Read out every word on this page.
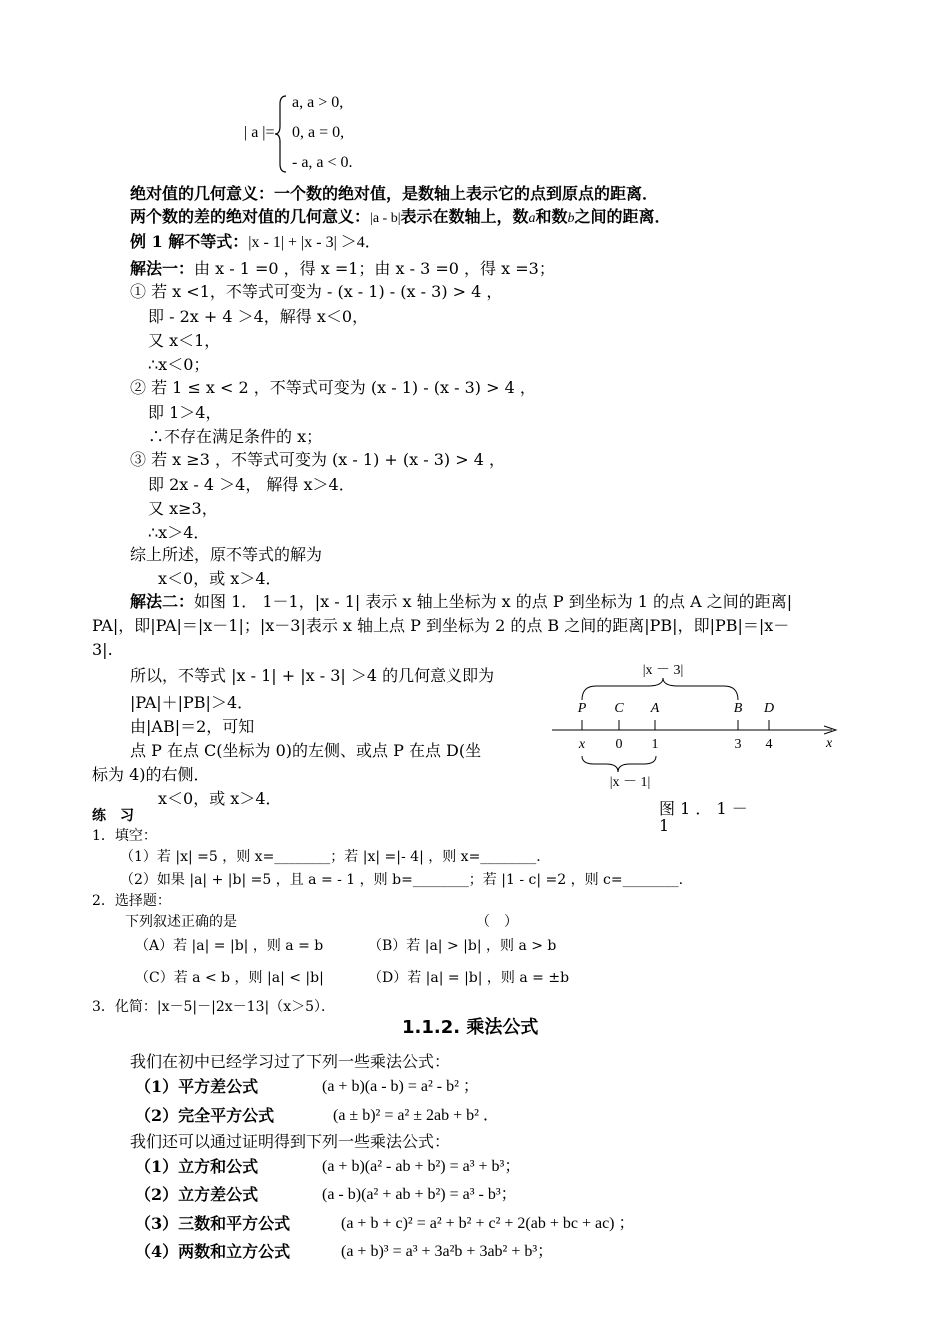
| a |=
a, a > 0,
0, a = 0,
- a, a < 0.
绝对值的几何意义：一个数的绝对值，是数轴上表示它的点到原点的距离．
两个数的差的绝对值的几何意义：|a - b|表示在数轴上，数a和数b之间的距离．
例 1 解不等式：|x - 1| + |x - 3| ＞4．
解法一：由 x - 1 =0 ，得 x =1；由 x - 3 =0 ，得 x =3；
① 若 x <1，不等式可变为 - (x - 1) - (x - 3) > 4 ，
即 - 2x + 4 ＞4，解得 x＜0，
又 x＜1，
∴x＜0；
② 若 1 ≤ x < 2 ，不等式可变为 (x - 1) - (x - 3) > 4 ，
即 1＞4，
∴不存在满足条件的 x；
③ 若 x ≥3 ，不等式可变为 (x - 1) + (x - 3) > 4 ，
即 2x - 4 ＞4， 解得 x＞4．
又 x≥3，
∴x＞4．
综上所述，原不等式的解为
x＜0，或 x＞4．
解法二：如图 1． 1－1，|x - 1| 表示 x 轴上坐标为 x 的点 P 到坐标为 1 的点 A 之间的距离|
PA|，即|PA|＝|x－1|；|x－3|表示 x 轴上点 P 到坐标为 2 的点 B 之间的距离|PB|，即|PB|＝|x－
3|.
所以，不等式 |x - 1| + |x - 3| ＞4 的几何意义即为
|PA|＋|PB|＞4．
由|AB|＝2，可知
点 P 在点 C(坐标为 0)的左侧、或点 P 在点 D(坐
标为 4)的右侧．
x＜0，或 x＞4．
|x － 3|
P C A	B D
x 0 1	3 4	x
|x － 1|
图 1 ． 1 －
1
练　习
1．填空：
（1）若 |x| =5 ，则 x=________；若 |x| =|- 4| ，则 x=________.
（2）如果 |a| + |b| =5 ，且 a = - 1 ，则 b=________；若 |1 - c| =2 ，则 c=________.
2．选择题：
下列叙述正确的是	（　）
（A）若 |a| = |b| ，则 a = b	（B）若 |a| > |b| ，则 a > b
（C）若 a < b ，则 |a| < |b|	（D）若 |a| = |b| ，则 a = ±b
3．化简：|x－5|－|2x－13|（x＞5）．
1.1.2. 乘法公式
我们在初中已经学习过了下列一些乘法公式：
（1）平方差公式	(a + b)(a - b) = a² - b² ；
（2）完全平方公式	(a ± b)² = a² ± 2ab + b² ．
我们还可以通过证明得到下列一些乘法公式：
（1）立方和公式	(a + b)(a² - ab + b²) = a³ + b³；
（2）立方差公式	(a - b)(a² + ab + b²) = a³ - b³；
（3）三数和平方公式	(a + b + c)² = a² + b² + c² + 2(ab + bc + ac) ；
（4）两数和立方公式	(a + b)³ = a³ + 3a²b + 3ab² + b³；
